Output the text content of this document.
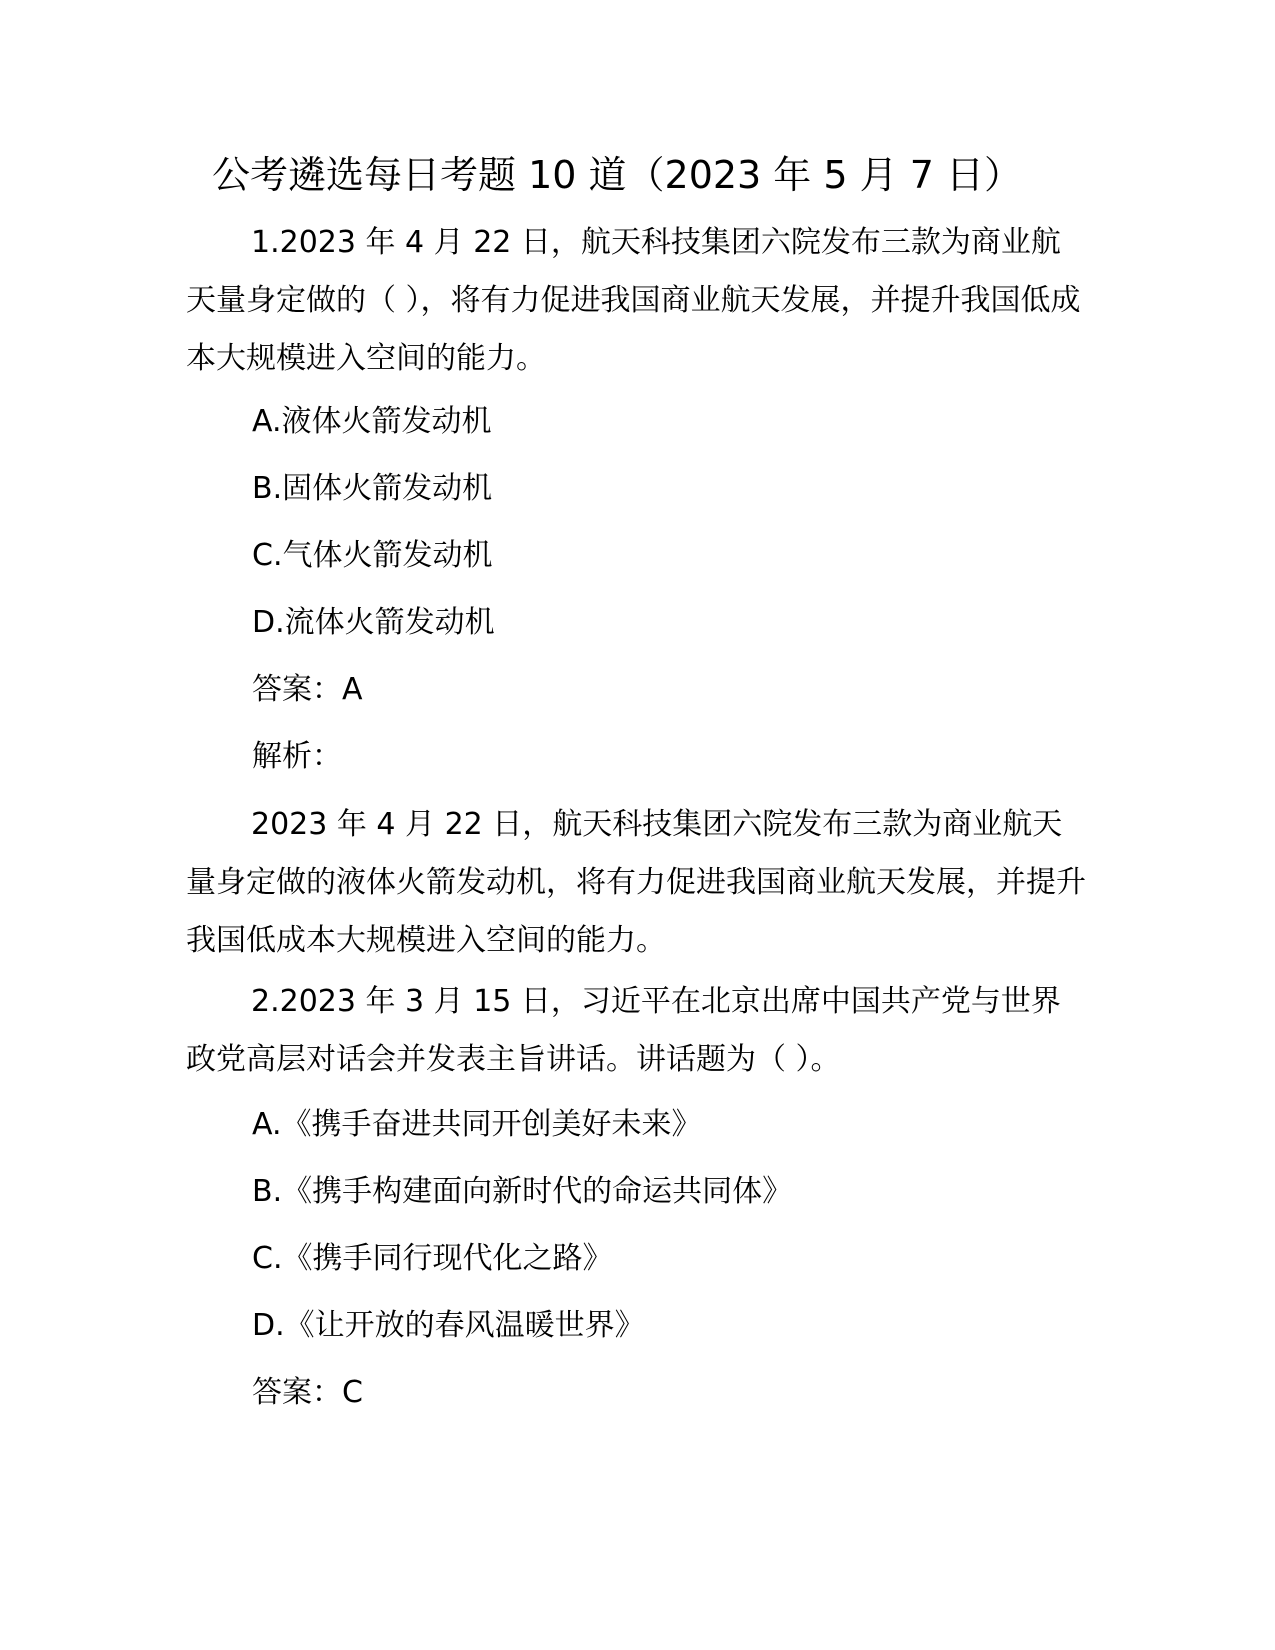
公考遴选每日考题 10 道（2023 年 5 月 7 日）
1.2023 年 4 月 22 日，航天科技集团六院发布三款为商业航天量身定做的（ ），将有力促进我国商业航天发展，并提升我国低成本大规模进入空间的能力。
A.液体火箭发动机
B.固体火箭发动机
C.气体火箭发动机
D.流体火箭发动机
答案：A
解析：
2023 年 4 月 22 日，航天科技集团六院发布三款为商业航天量身定做的液体火箭发动机，将有力促进我国商业航天发展，并提升我国低成本大规模进入空间的能力。
2.2023 年 3 月 15 日，习近平在北京出席中国共产党与世界政党高层对话会并发表主旨讲话。讲话题为（ ）。
A.《携手奋进共同开创美好未来》
B.《携手构建面向新时代的命运共同体》
C.《携手同行现代化之路》
D.《让开放的春风温暖世界》
答案：C
